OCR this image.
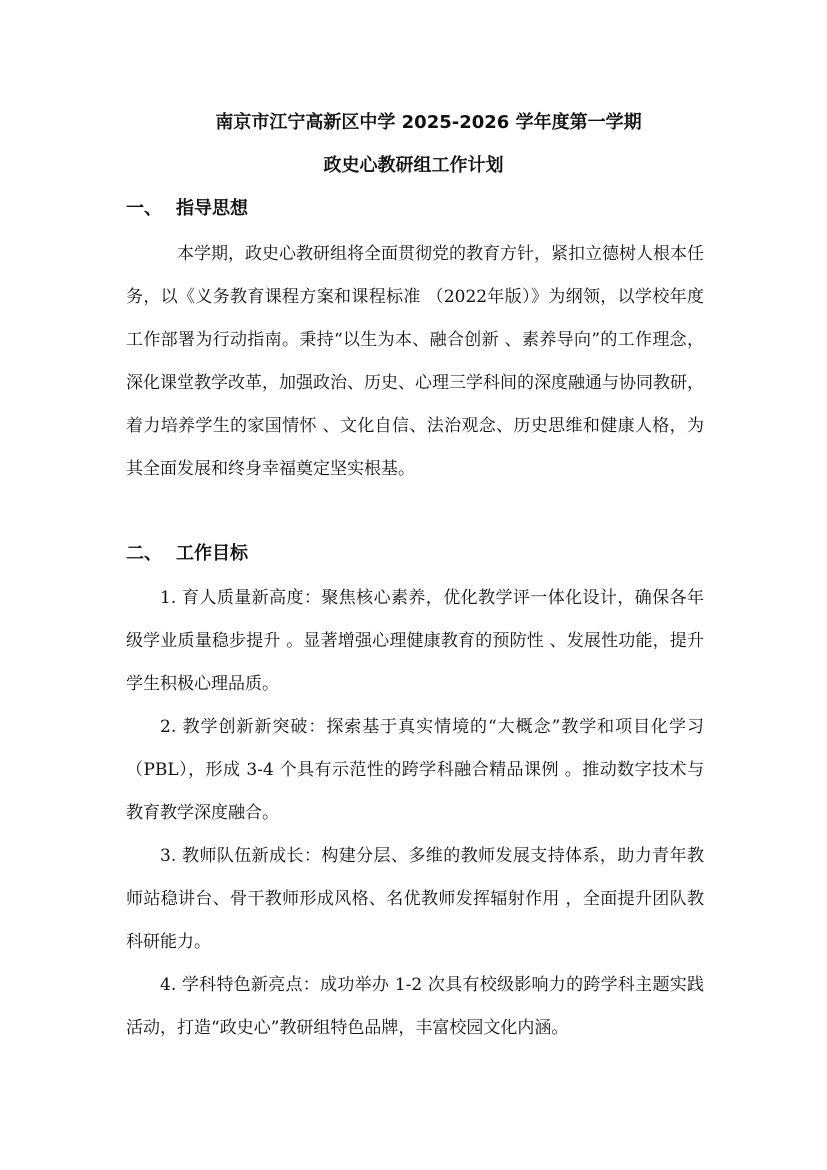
南京市江宁高新区中学 2025-2026 学年度第一学期
政史心教研组工作计划
一、 指导思想

本学期，政史心教研组将全面贯彻党的教育方针，紧扣立德树人根本任务，以《义务教育课程方案和课程标准 （2022年版）》为纲领，以学校年度工作部署为行动指南。秉持“以生为本、融合创新 、素养导向”的工作理念，深化课堂教学改革，加强政治、历史、心理三学科间的深度融通与协同教研，着力培养学生的家国情怀 、文化自信、法治观念、历史思维和健康人格，为其全面发展和终身幸福奠定坚实根基。

二、 工作目标

1. 育人质量新高度：聚焦核心素养，优化教学评一体化设计，确保各年级学业质量稳步提升 。显著增强心理健康教育的预防性 、发展性功能，提升学生积极心理品质。

2. 教学创新新突破：探索基于真实情境的“大概念”教学和项目化学习（PBL），形成 3-4 个具有示范性的跨学科融合精品课例 。推动数字技术与教育教学深度融合。

3. 教师队伍新成长：构建分层、多维的教师发展支持体系，助力青年教师站稳讲台、骨干教师形成风格、名优教师发挥辐射作用 ，全面提升团队教科研能力。

4. 学科特色新亮点：成功举办 1-2 次具有校级影响力的跨学科主题实践活动，打造“政史心”教研组特色品牌，丰富校园文化内涵。
